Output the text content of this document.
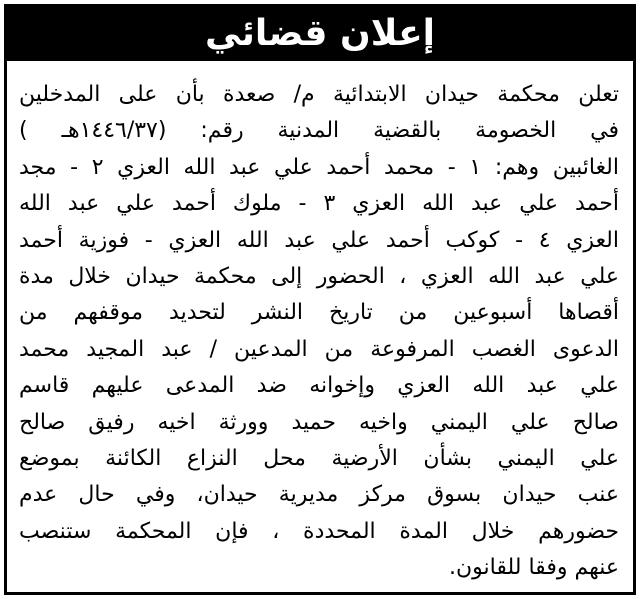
إعلان قضائي
تعلن محكمة حيدان الابتدائية م/ صعدة بأن على المدخلين
في الخصومة بالقضية المدنية رقم: (١٤٤٦/٣٧هـ )
الغائبين وهم: ١ - محمد أحمد علي عبد الله العزي ٢ - مجد
أحمد علي عبد الله العزي ٣ - ملوك أحمد علي عبد الله
العزي ٤ - كوكب أحمد علي عبد الله العزي - فوزية أحمد
علي عبد الله العزي ، الحضور إلى محكمة حيدان خلال مدة
أقصاها أسبوعين من تاريخ النشر لتحديد موقفهم من
الدعوى الغصب المرفوعة من المدعين / عبد المجيد محمد
علي عبد الله العزي وإخوانه ضد المدعى عليهم قاسم
صالح علي اليمني واخيه حميد وورثة اخيه رفيق صالح
علي اليمني بشأن الأرضية محل النزاع الكائنة بموضع
عنب حيدان بسوق مركز مديرية حيدان، وفي حال عدم
حضورهم خلال المدة المحددة ، فإن المحكمة ستنصب
عنهم وفقا للقانون.
